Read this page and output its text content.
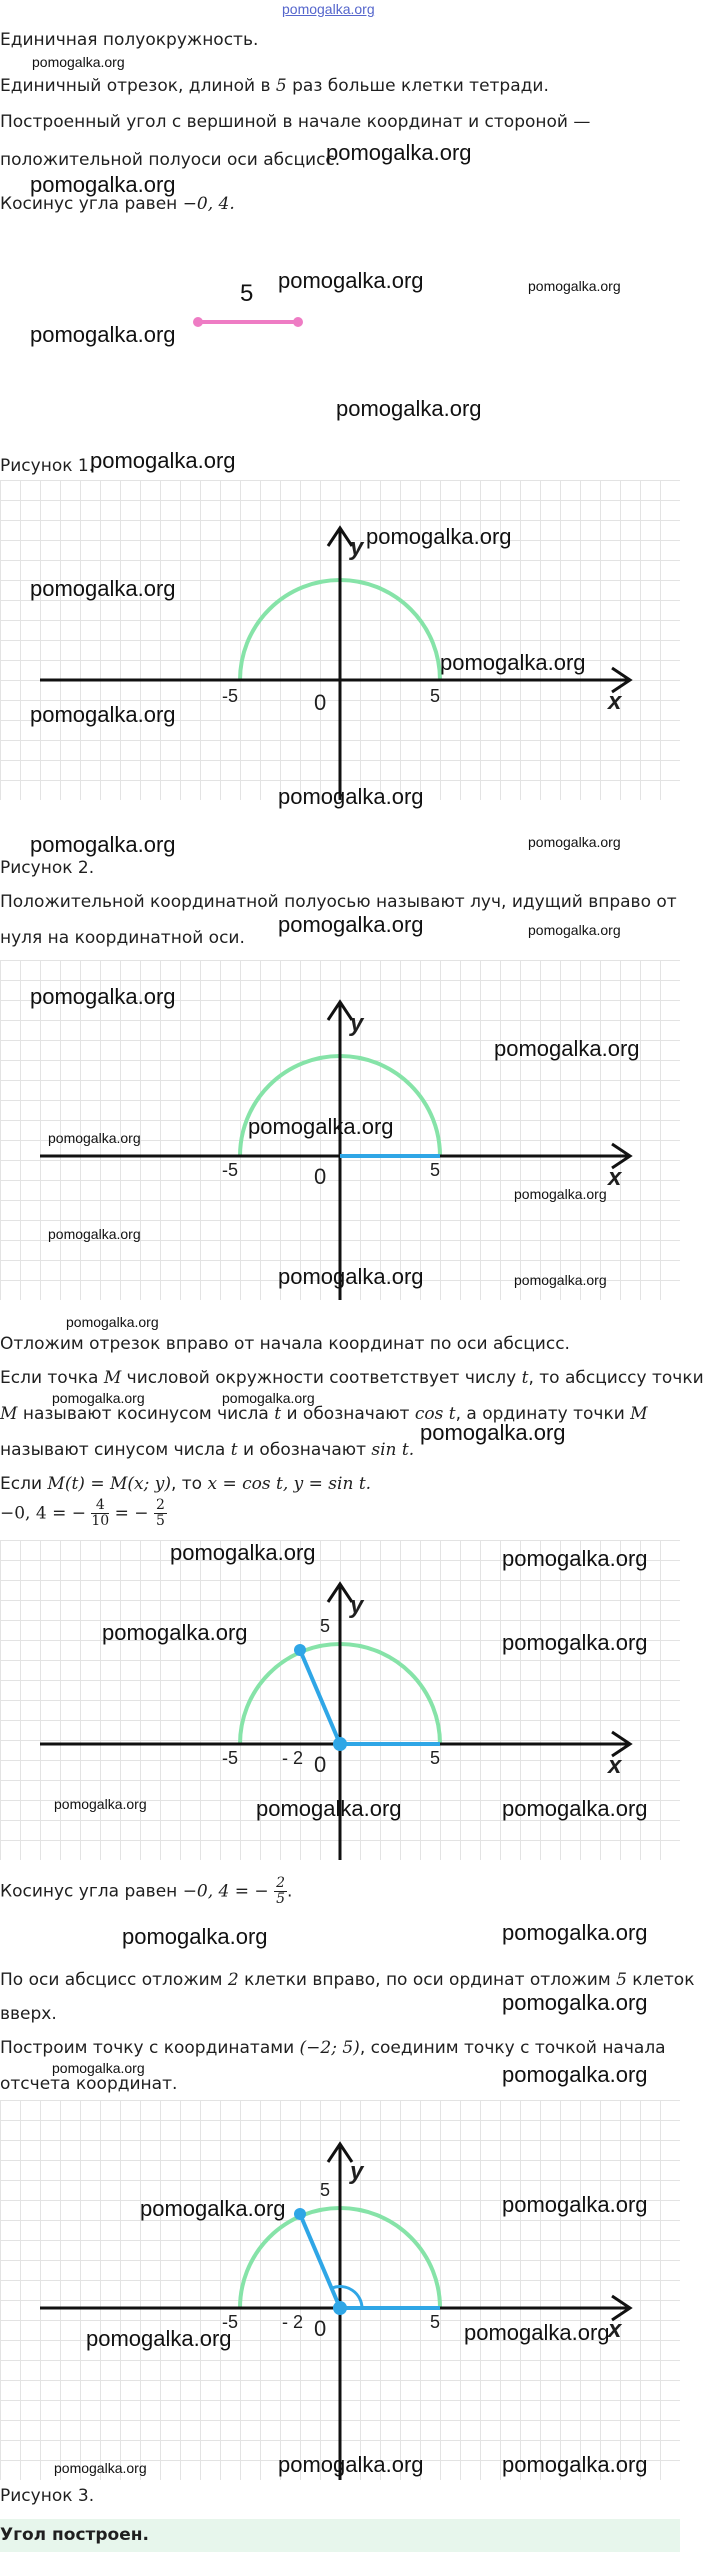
pomogalka.org
Единичная полуокружность.
pomogalka.org
Единичный отрезок, длиной в 5 раз больше клетки тетради.
Построенный угол с вершиной в начале координат и стороной —
положительной полуоси оси абсцисс.
pomogalka.org
pomogalka.org
Косинус угла равен −0, 4.
5 pomogalka.org	pomogalka.org
pomogalka.org
pomogalka.org
Рисунок 1.
pomogalka.org
y
x
-5	0	5
pomogalka.org
pomogalka.org
pomogalka.org
pomogalka.org
pomogalka.org
pomogalka.org	pomogalka.org
Рисунок 2.
Положительной координатной полуосью называют луч, идущий вправо от
pomogalka.org	pomogalka.org
нуля на координатной оси.
y
x
-5	0	5
pomogalka.org
pomogalka.org
pomogalka.org
pomogalka.org
pomogalka.org
pomogalka.org
pomogalka.org	pomogalka.org
pomogalka.org
Отложим отрезок вправо от начала координат по оси абсцисс.
Если точка M числовой окружности соответствует числу t, то абсциссу точки
pomogalka.org	pomogalka.org
M называют косинусом числа t и обозначают cos t, а ординату точки M
называют синусом числа t и обозначают sin t.
pomogalka.org
Если M(t) = M(x; y), то x = cos t, y = sin t.
−0, 4 = − $\frac{4}{10}$ = − $\frac{2}{5}$
y
x
5
-5 - 2 0	5
pomogalka.org	pomogalka.org
pomogalka.org	pomogalka.org
pomogalka.org	pomogalka.org	pomogalka.org
Косинус угла равен −0, 4 = − $\frac{2}{5}$ .
pomogalka.org	pomogalka.org
По оси абсцисс отложим 2 клетки вправо, по оси ординат отложим 5 клеток
вверх.	pomogalka.org
Построим точку с координатами (−2; 5), соединим точку с точкой начала
pomogalka.org	pomogalka.org
отсчета координат.
y
x
5
-5 - 2 0	5
pomogalka.org	pomogalka.org
pomogalka.org	pomogalka.org
pomogalka.org	pomogalka.org	pomogalka.org
Рисунок 3.
Угол построен.
